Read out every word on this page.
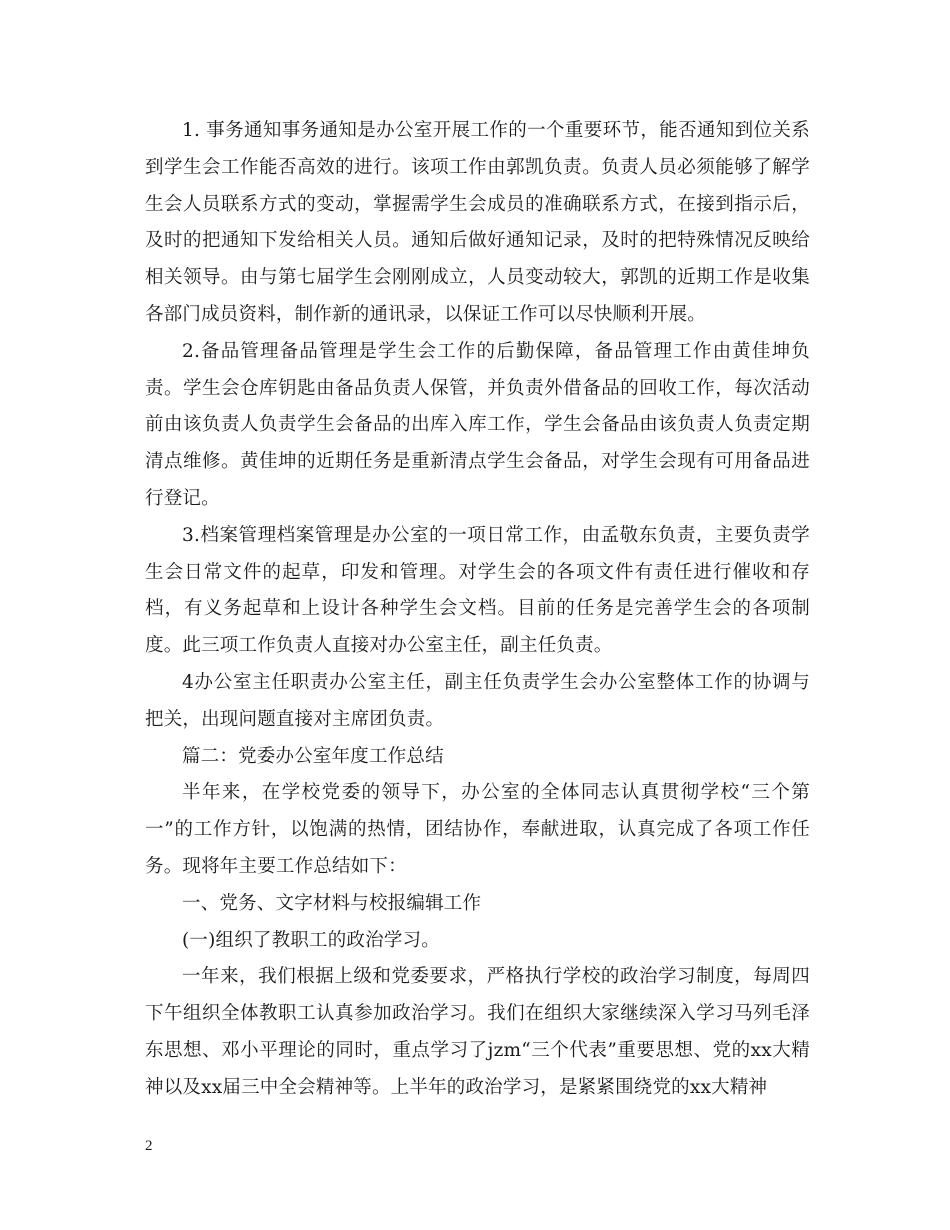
1. 事务通知事务通知是办公室开展工作的一个重要环节，能否通知到位关系到学生会工作能否高效的进行。该项工作由郭凯负责。负责人员必须能够了解学生会人员联系方式的变动，掌握需学生会成员的准确联系方式，在接到指示后，及时的把通知下发给相关人员。通知后做好通知记录，及时的把特殊情况反映给相关领导。由与第七届学生会刚刚成立，人员变动较大，郭凯的近期工作是收集各部门成员资料，制作新的通讯录，以保证工作可以尽快顺利开展。

2.备品管理备品管理是学生会工作的后勤保障，备品管理工作由黄佳坤负责。学生会仓库钥匙由备品负责人保管，并负责外借备品的回收工作，每次活动前由该负责人负责学生会备品的出库入库工作，学生会备品由该负责人负责定期清点维修。黄佳坤的近期任务是重新清点学生会备品，对学生会现有可用备品进行登记。

3.档案管理档案管理是办公室的一项日常工作，由孟敬东负责，主要负责学生会日常文件的起草，印发和管理。对学生会的各项文件有责任进行催收和存档，有义务起草和上设计各种学生会文档。目前的任务是完善学生会的各项制度。此三项工作负责人直接对办公室主任，副主任负责。

4办公室主任职责办公室主任，副主任负责学生会办公室整体工作的协调与把关，出现问题直接对主席团负责。

篇二：党委办公室年度工作总结

半年来，在学校党委的领导下，办公室的全体同志认真贯彻学校“三个第一”的工作方针，以饱满的热情，团结协作，奉献进取，认真完成了各项工作任务。现将年主要工作总结如下：

一、党务、文字材料与校报编辑工作

(一)组织了教职工的政治学习。

一年来，我们根据上级和党委要求，严格执行学校的政治学习制度，每周四下午组织全体教职工认真参加政治学习。我们在组织大家继续深入学习马列毛泽东思想、邓小平理论的同时，重点学习了jzm“三个代表”重要思想、党的xx大精神以及xx届三中全会精神等。上半年的政治学习，是紧紧围绕党的xx大精神

2
